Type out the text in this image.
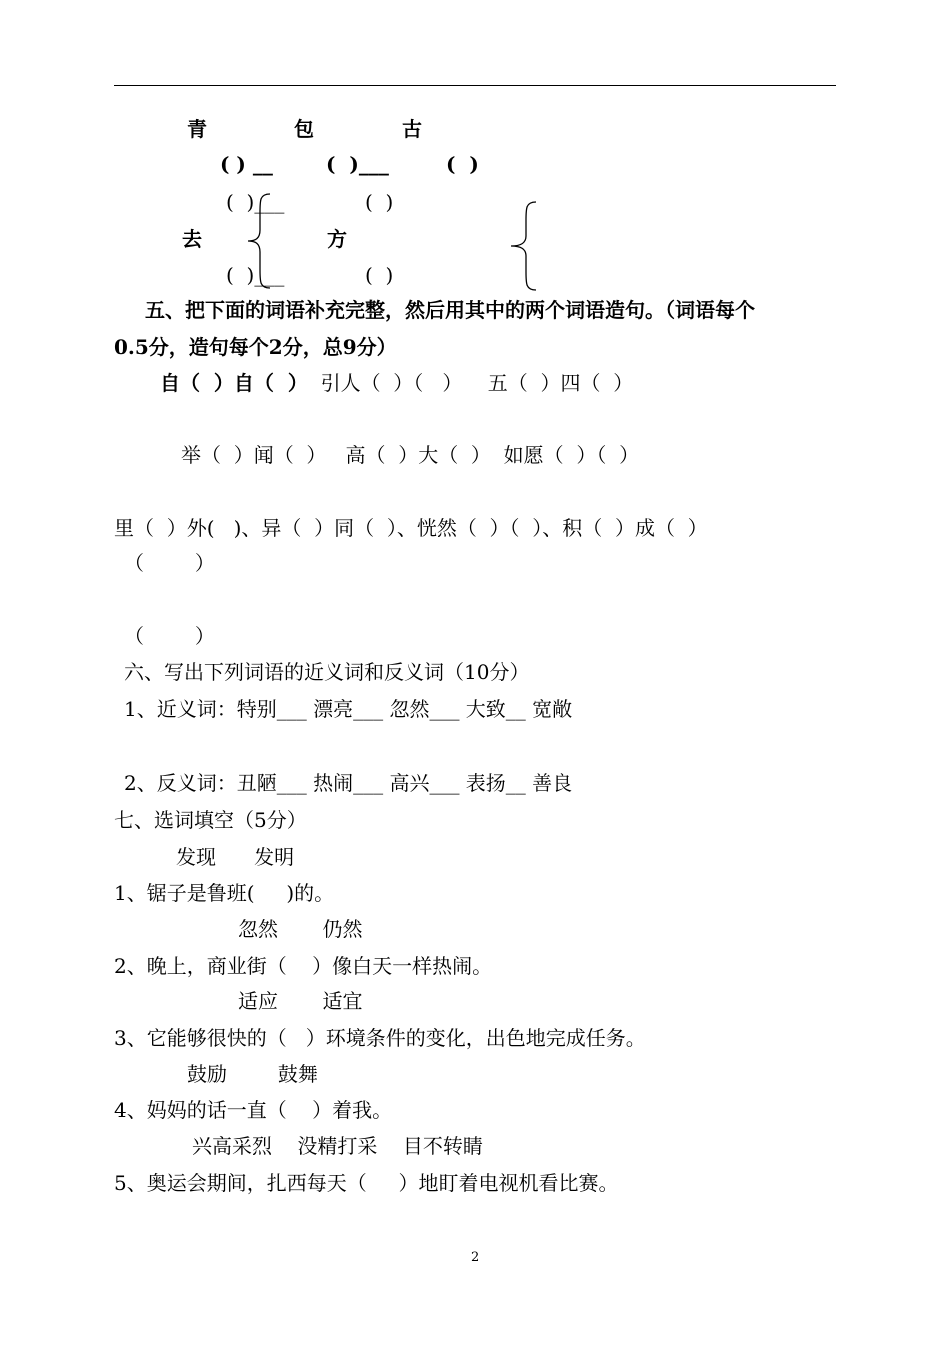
青	包	古
( ) __	(  )___	(  )
(  )___	(  )
去	方
(  )___	(  )
五、把下面的词语补充完整，然后用其中的两个词语造句。（词语每个
0.5分，造句每个2分，总9分）
自（  ）自（  ） 引人（  ）（   ）    五（  ）四（  ）
举（  ）闻（  ）   高（  ）大（  ）  如愿（  ）（  ）
里（  ）外(   )、异（  ）同（  ）、恍然（  ）（  ）、积（  ）成（  ）
（        ）
（        ）
六、写出下列词语的近义词和反义词（10分）
1、近义词：特别___ 漂亮___ 忽然___ 大致__ 宽敞
2、反义词：丑陋___ 热闹___ 高兴___ 表扬__ 善良
七、选词填空（5分）
发现      发明
1、锯子是鲁班(     )的。
忽然       仍然
2、晚上，商业街（    ）像白天一样热闹。
适应       适宜
3、它能够很快的（   ）环境条件的变化，出色地完成任务。
鼓励        鼓舞
4、妈妈的话一直（    ）着我。
兴高采烈    没精打采    目不转睛
5、奥运会期间，扎西每天（     ）地盯着电视机看比赛。
2
